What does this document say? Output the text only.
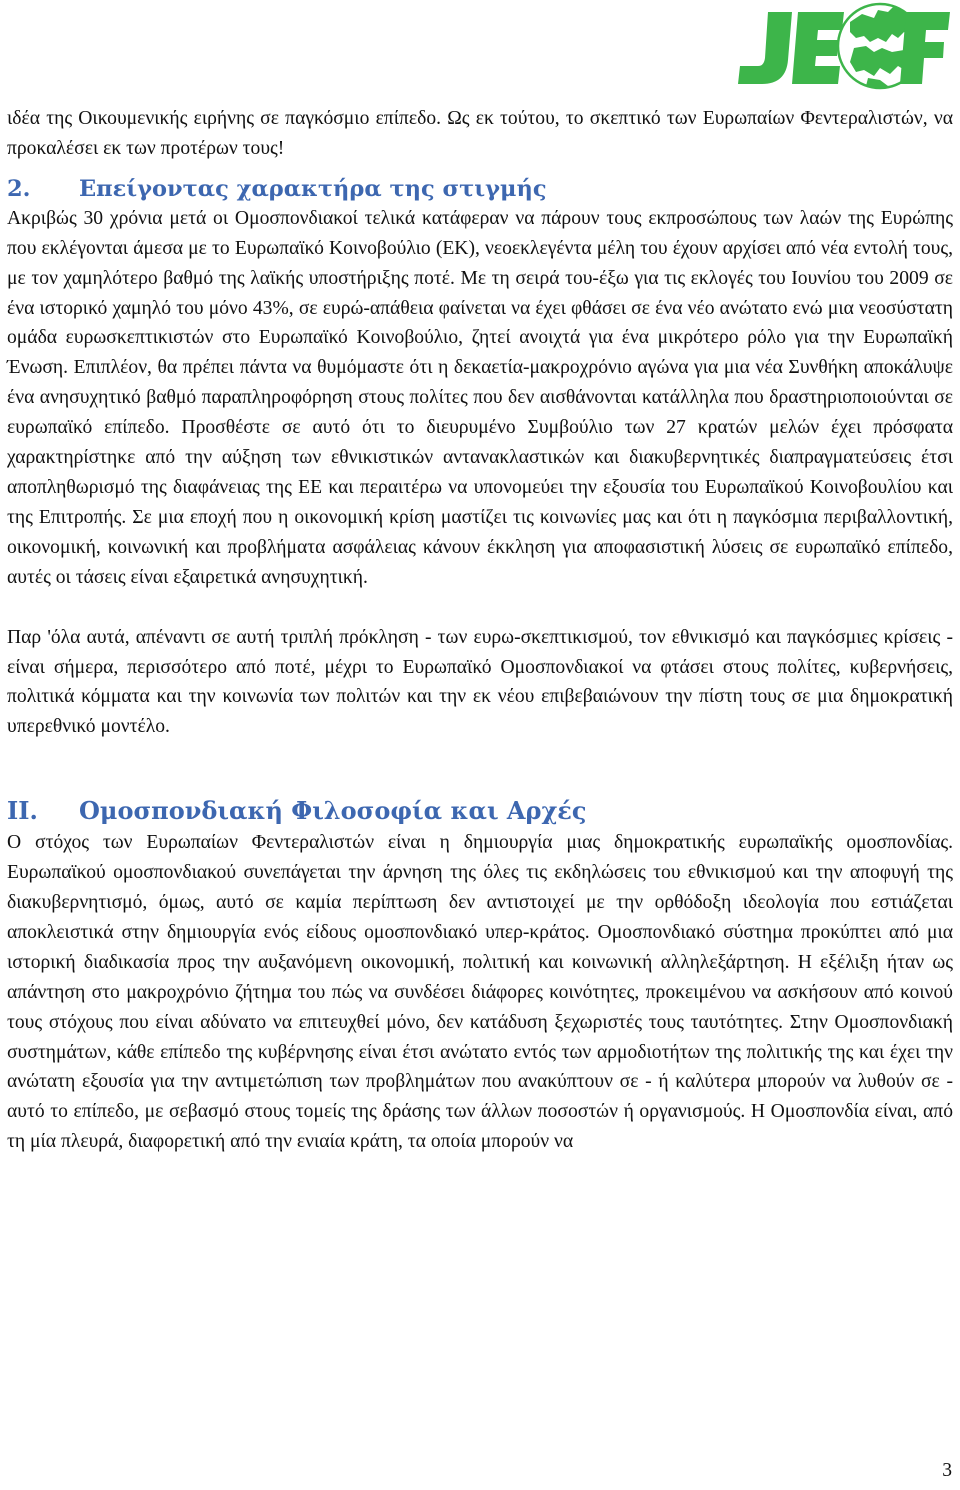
ιδέα της Οικουμενικής ειρήνης σε παγκόσμιο επίπεδο. Ως εκ τούτου, το σκεπτικό των Ευρωπαίων Φεντεραλιστών, να προκαλέσει εκ των προτέρων τους!

2. Επείγοντας χαρακτήρα της στιγμής

Ακριβώς 30 χρόνια μετά οι Ομοσπονδιακοί τελικά κατάφεραν να πάρουν τους εκπροσώπους των λαών της Ευρώπης που εκλέγονται άμεσα με το Ευρωπαϊκό Κοινοβούλιο (ΕΚ), νεοεκλεγέντα μέλη του έχουν αρχίσει από νέα εντολή τους, με τον χαμηλότερο βαθμό της λαϊκής υποστήριξης ποτέ. Με τη σειρά του-έξω για τις εκλογές του Ιουνίου του 2009 σε ένα ιστορικό χαμηλό του μόνο 43%, σε ευρώ-απάθεια φαίνεται να έχει φθάσει σε ένα νέο ανώτατο ενώ μια νεοσύστατη ομάδα ευρωσκεπτικιστών στο Ευρωπαϊκό Κοινοβούλιο, ζητεί ανοιχτά για ένα μικρότερο ρόλο για την Ευρωπαϊκή Ένωση. Επιπλέον, θα πρέπει πάντα να θυμόμαστε ότι η δεκαετία-μακροχρόνιο αγώνα για μια νέα Συνθήκη αποκάλυψε ένα ανησυχητικό βαθμό παραπληροφόρηση στους πολίτες που δεν αισθάνονται κατάλληλα που δραστηριοποιούνται σε ευρωπαϊκό επίπεδο. Προσθέστε σε αυτό ότι το διευρυμένο Συμβούλιο των 27 κρατών μελών έχει πρόσφατα χαρακτηρίστηκε από την αύξηση των εθνικιστικών αντανακλαστικών και διακυβερνητικές διαπραγματεύσεις έτσι αποπληθωρισμό της διαφάνειας της ΕΕ και περαιτέρω να υπονομεύει την εξουσία του Ευρωπαϊκού Κοινοβουλίου και της Επιτροπής. Σε μια εποχή που η οικονομική κρίση μαστίζει τις κοινωνίες μας και ότι η παγκόσμια περιβαλλοντική, οικονομική, κοινωνική και προβλήματα ασφάλειας κάνουν έκκληση για αποφασιστική λύσεις σε ευρωπαϊκό επίπεδο, αυτές οι τάσεις είναι εξαιρετικά ανησυχητική.

Παρ 'όλα αυτά, απέναντι σε αυτή τριπλή πρόκληση - των ευρω-σκεπτικισμού, τον εθνικισμό και παγκόσμιες κρίσεις - είναι σήμερα, περισσότερο από ποτέ, μέχρι το Ευρωπαϊκό Ομοσπονδιακοί να φτάσει στους πολίτες, κυβερνήσεις, πολιτικά κόμματα και την κοινωνία των πολιτών και την εκ νέου επιβεβαιώνουν την πίστη τους σε μια δημοκρατική υπερεθνικό μοντέλο.

II. Ομοσπονδιακή Φιλοσοφία και Αρχές

Ο στόχος των Ευρωπαίων Φεντεραλιστών είναι η δημιουργία μιας δημοκρατικής ευρωπαϊκής ομοσπονδίας. Ευρωπαϊκού ομοσπονδιακού συνεπάγεται την άρνηση της όλες τις εκδηλώσεις του εθνικισμού και την αποφυγή της διακυβερνητισμό, όμως, αυτό σε καμία περίπτωση δεν αντιστοιχεί με την ορθόδοξη ιδεολογία που εστιάζεται αποκλειστικά στην δημιουργία ενός είδους ομοσπονδιακό υπερ-κράτος. Ομοσπονδιακό σύστημα προκύπτει από μια ιστορική διαδικασία προς την αυξανόμενη οικονομική, πολιτική και κοινωνική αλληλεξάρτηση. Η εξέλιξη ήταν ως απάντηση στο μακροχρόνιο ζήτημα του πώς να συνδέσει διάφορες κοινότητες, προκειμένου να ασκήσουν από κοινού τους στόχους που είναι αδύνατο να επιτευχθεί μόνο, δεν κατάδυση ξεχωριστές τους ταυτότητες. Στην Ομοσπονδιακή συστημάτων, κάθε επίπεδο της κυβέρνησης είναι έτσι ανώτατο εντός των αρμοδιοτήτων της πολιτικής της και έχει την ανώτατη εξουσία για την αντιμετώπιση των προβλημάτων που ανακύπτουν σε - ή καλύτερα μπορούν να λυθούν σε - αυτό το επίπεδο, με σεβασμό στους τομείς της δράσης των άλλων ποσοστών ή οργανισμούς. Η Ομοσπονδία είναι, από τη μία πλευρά, διαφορετική από την ενιαία κράτη, τα οποία μπορούν να

3
